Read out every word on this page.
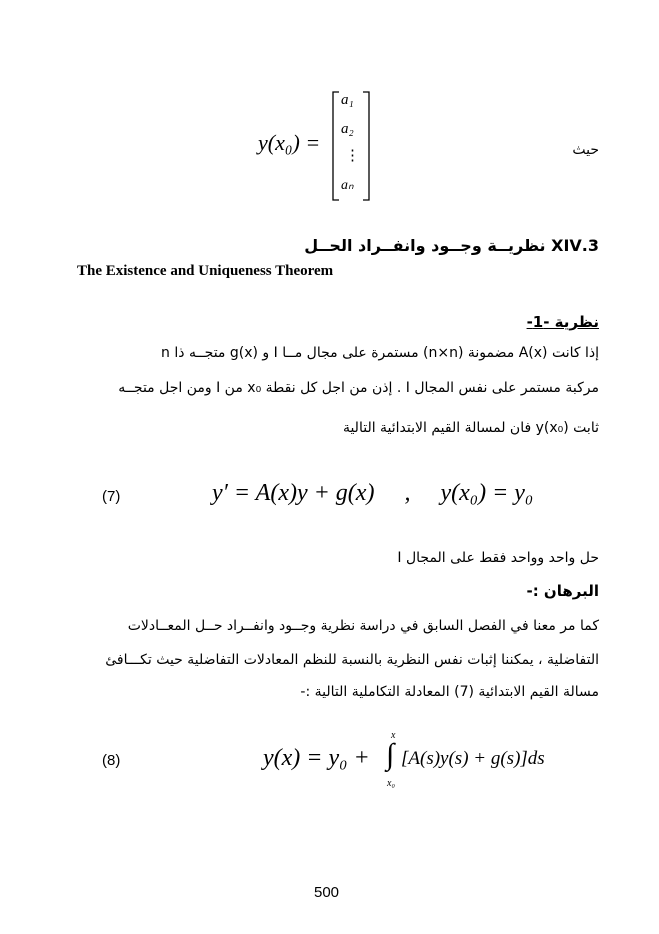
y(x₀) =
a₁
a₂
⋮
aₙ
حيث
3.XIV نظريــة وجــود وانفــراد الحــل
The Existence and Uniqueness Theorem
نظرية -1-
إذا كانت A(x) مضمونة (n×n) مستمرة على مجال مــا I و g(x) متجــه ذا n
مركبة مستمر على نفس المجال I . إذن من اجل كل نقطة x₀ من I ومن اجل متجــه
ثابت y(x₀) فان لمسالة القيم الابتدائية التالية
(7)	y′ = A(x)y + g(x)     ,     y(x₀) = y₀
حل واحد وواحد فقط على المجال I
البرهان :-
كما مر معنا في الفصل السابق في دراسة نظرية وجــود وانفــراد حــل المعــادلات
التفاضلية ، يمكننا إثبات نفس النظرية بالنسبة للنظم المعادلات التفاضلية حيث تكـــافئ
مسالة القيم الابتدائية (7) المعادلة التكاملية التالية :-
(8)	y(x) = y₀ +
x
∫
x₀
[A(s)y(s) + g(s)]ds
500
